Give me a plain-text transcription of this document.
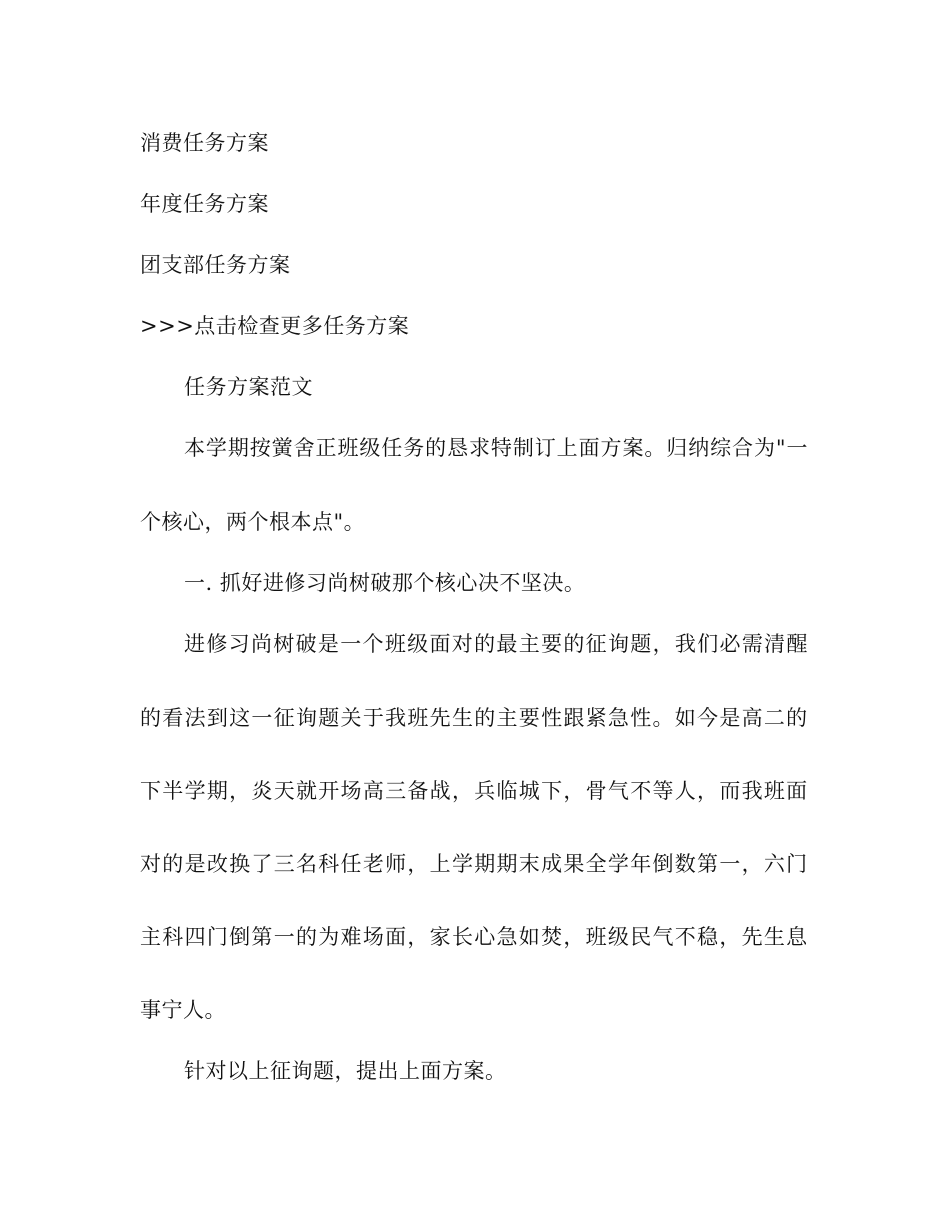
消费任务方案
年度任务方案
团支部任务方案
>>>点击检查更多任务方案
任务方案范文
本 学 期 按 黉 舍 正 班 级 任 务 的 恳 求 特 制 订 上 面 方 案 。 归 纳 综 合 为 " 一
个核心，两个根本点"。
一. 抓好进修习尚树破那个核心决不坚决。
进 修 习 尚 树 破 是 一 个 班 级 面 对 的 最 主 要 的 征 询 题 ， 我 们 必 需 清 醒
的 看 法 到 这 一 征 询 题 关 于 我 班 先 生 的 主 要 性 跟 紧 急 性 。 如 今 是 高 二 的
下 半 学 期 ， 炎 天 就 开 场 高 三 备 战 ， 兵 临 城 下 ， 骨 气 不 等 人 ， 而 我 班 面
对 的 是 改 换 了 三 名 科 任 老 师 ， 上 学 期 期 末 成 果 全 学 年 倒 数 第 一 ， 六 门
主 科 四 门 倒 第 一 的 为 难 场 面 ， 家 长 心 急 如 焚 ， 班 级 民 气 不 稳 ， 先 生 息
事宁人。
针对以上征询题，提出上面方案。
